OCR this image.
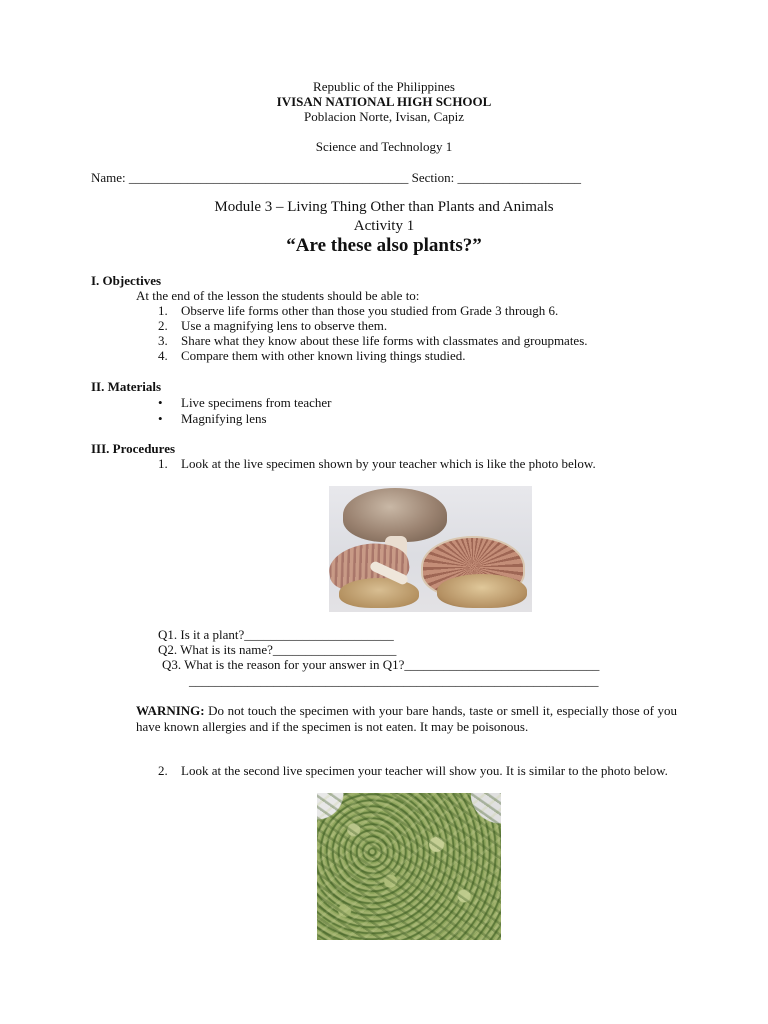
Republic of the Philippines
IVISAN NATIONAL HIGH SCHOOL
Poblacion Norte, Ivisan, Capiz
Science and Technology 1
Name: ___________________________________________ Section: ___________________
Module 3 – Living Thing Other than Plants and Animals
Activity 1
“Are these also plants?”
I. Objectives
At the end of the lesson the students should be able to:
1. Observe life forms other than those you studied from Grade 3 through 6.
2. Use a magnifying lens to observe them.
3. Share what they know about these life forms with classmates and groupmates.
4. Compare them with other known living things studied.
II. Materials
• Live specimens from teacher
• Magnifying lens
III. Procedures
1. Look at the live specimen shown by your teacher which is like the photo below.
Q1. Is it a plant?_______________________
Q2. What is its name?___________________
Q3. What is the reason for your answer in Q1?______________________________
_______________________________________________________________
WARNING: Do not touch the specimen with your bare hands, taste or smell it, especially those of you have known allergies and if the specimen is not eaten. It may be poisonous.
2. Look at the second live specimen your teacher will show you. It is similar to the photo below.
